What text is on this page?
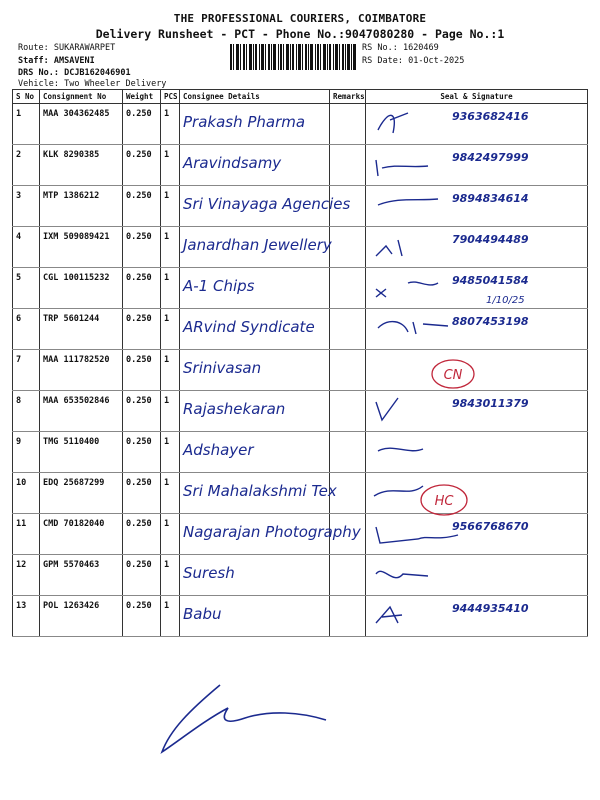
THE PROFESSIONAL COURIERS, COIMBATORE
Delivery Runsheet - PCT - Phone No.:9047080280 - Page No.:1
Route: SUKARAWARPET
Staff: AMSAVENI
DRS No.: DCJB162046901
Vehicle: Two Wheeler Delivery
RS No.: 1620469
RS Date: 01-Oct-2025
S No	Consignment No	Weight	PCS	Consignee Details	Remarks	Seal & Signature
1	MAA 304362485	0.250	1	Prakash Pharma		9363682416

2	KLK 8290385	0.250	1	Aravindsamy		9842497999

3	MTP 1386212	0.250	1	Sri Vinayaga Agencies		9894834614

4	IXM 509089421	0.250	1	Janardhan Jewellery		7904494489

5	CGL 100115232	0.250	1	A-1 Chips		9485041584

6	TRP 5601244	0.250	1	ARvind Syndicate		8807453198

7	MAA 111782520	0.250	1	Srinivasan		
8	MAA 653502846	0.250	1	Rajashekaran		9843011379

9	TMG 5110400	0.250	1	Adshayer		

10	EDQ 25687299	0.250	1	Sri Mahalakshmi Tex		

11	CMD 70182040	0.250	1	Nagarajan Photography		9566768670

12	GPM 5570463	0.250	1	Suresh		

13	POL 1263426	0.250	1	Babu		9444935410
CN
HC
1/10/25
